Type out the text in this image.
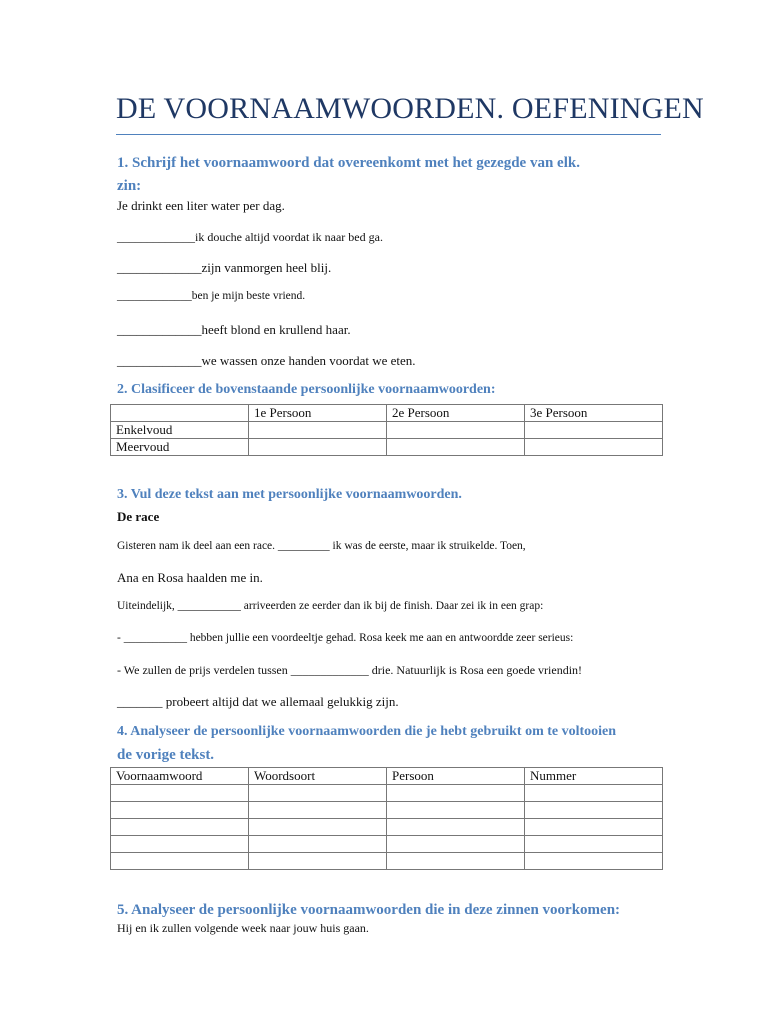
DE VOORNAAMWOORDEN. OEFENINGEN
1. Schrijf het voornaamwoord dat overeenkomt met het gezegde van elk.
zin:
Je drinkt een liter water per dag.
_____________ik douche altijd voordat ik naar bed ga.
_____________zijn vanmorgen heel blij.
_____________ben je mijn beste vriend.
_____________heeft blond en krullend haar.
_____________we wassen onze handen voordat we eten.
2. Clasificeer de bovenstaande persoonlijke voornaamwoorden:
	1e Persoon	2e Persoon	3e Persoon
Enkelvoud			
Meervoud			
3. Vul deze tekst aan met persoonlijke voornaamwoorden.
De race
Gisteren nam ik deel aan een race. _________ ik was de eerste, maar ik struikelde. Toen,
Ana en Rosa haalden me in.
Uiteindelijk, ___________ arriveerden ze eerder dan ik bij de finish. Daar zei ik in een grap:
- ___________ hebben jullie een voordeeltje gehad. Rosa keek me aan en antwoordde zeer serieus:
- We zullen de prijs verdelen tussen _____________ drie. Natuurlijk is Rosa een goede vriendin!
_______ probeert altijd dat we allemaal gelukkig zijn.
4. Analyseer de persoonlijke voornaamwoorden die je hebt gebruikt om te voltooien
de vorige tekst.
Voornaamwoord	Woordsoort	Persoon	Nummer

5. Analyseer de persoonlijke voornaamwoorden die in deze zinnen voorkomen:
Hij en ik zullen volgende week naar jouw huis gaan.
